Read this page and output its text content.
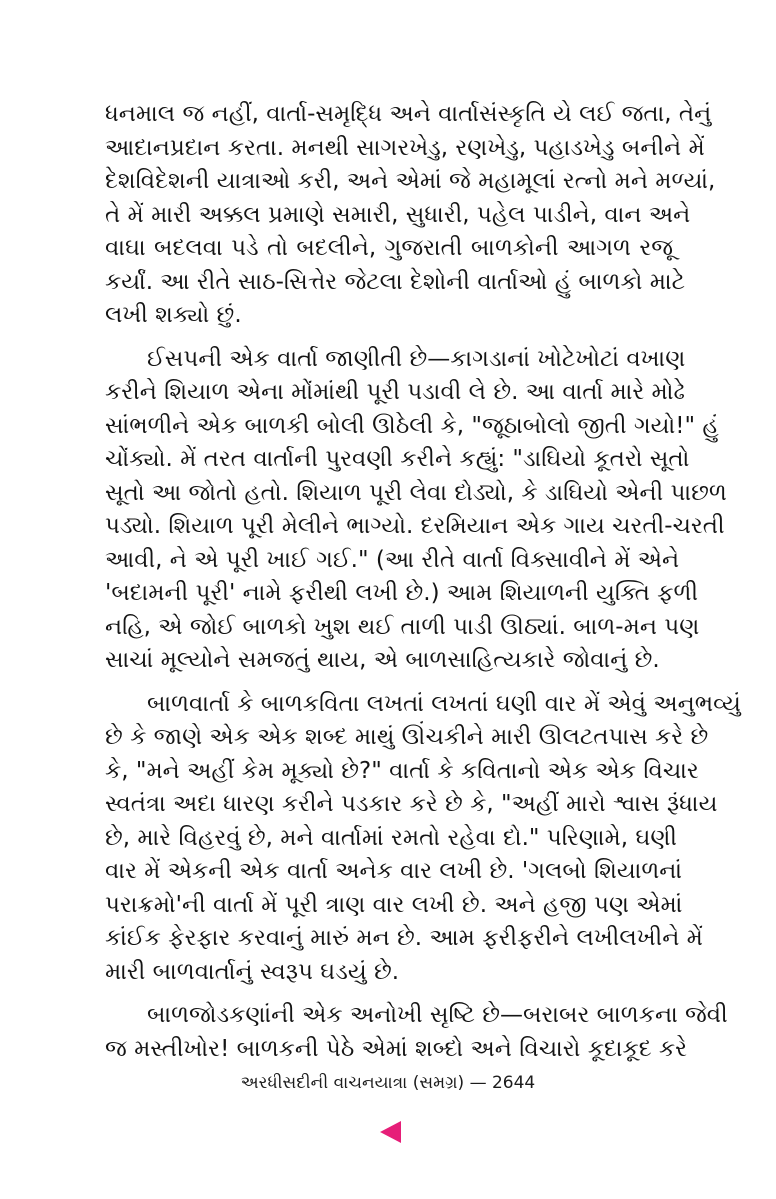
ધનમાલ જ નહીં, વાર્તા-સમૃદ્ધિ અને વાર્તાસંસ્કૃતિ યે લઈ જતા, તેનું
આદાનપ્રદાન કરતા. મનથી સાગરખેડુ, રણખેડુ, પહાડખેડુ બનીને મેં
દેશવિદેશની યાત્રાઓ કરી, અને એમાં જે મહામૂલાં રત્નો મને મળ્યાં,
તે મેં મારી અક્કલ પ્રમાણે સમારી, સુધારી, પહેલ પાડીને, વાન અને
વાઘા બદલવા પડે તો બદલીને, ગુજરાતી બાળકોની આગળ રજૂ
કર્યાં. આ રીતે સાઠ-સિત્તેર જેટલા દેશોની વાર્તાઓ હું બાળકો માટે
લખી શક્યો છું.

ઈસપની એક વાર્તા જાણીતી છે—કાગડાનાં ખોટેખોટાં વખાણ
કરીને શિયાળ એના મોંમાંથી પૂરી પડાવી લે છે. આ વાર્તા મારે મોઢે
સાંભળીને એક બાળકી બોલી ઊઠેલી કે, "જૂઠાબોલો જીતી ગયો!" હું
ચોંક્યો. મેં તરત વાર્તાની પુરવણી કરીને કહ્યું: "ડાઘિયો કૂતરો સૂતો
સૂતો આ જોતો હતો. શિયાળ પૂરી લેવા દોડ્યો, કે ડાઘિયો એની પાછળ
પડ્યો. શિયાળ પૂરી મેલીને ભાગ્યો. દરમિયાન એક ગાય ચરતી-ચરતી
આવી, ને એ પૂરી ખાઈ ગઈ." (આ રીતે વાર્તા વિક્સાવીને મેં એને
'બદામની પૂરી' નામે ફરીથી લખી છે.) આમ શિયાળની યુક્તિ ફળી
નહિ, એ જોઈ બાળકો ખુશ થઈ તાળી પાડી ઊઠ્યાં. બાળ-મન પણ
સાચાં મૂલ્યોને સમજતું થાય, એ બાળસાહિત્યકારે જોવાનું છે.

બાળવાર્તા કે બાળકવિતા લખતાં લખતાં ઘણી વાર મેં એવું અનુભવ્યું
છે કે જાણે એક એક શબ્દ માથું ઊંચકીને મારી ઊલટતપાસ કરે છે
કે, "મને અહીં કેમ મૂક્યો છે?" વાર્તા કે કવિતાનો એક એક વિચાર
સ્વતંત્રા અદા ધારણ કરીને પડકાર કરે છે કે, "અહીં મારો શ્વાસ રૂંધાય
છે, મારે વિહરવું છે, મને વાર્તામાં રમતો રહેવા દો." પરિણામે, ઘણી
વાર મેં એકની એક વાર્તા અનેક વાર લખી છે. 'ગલબો શિયાળનાં
પરાક્રમો'ની વાર્તા મેં પૂરી ત્રાણ વાર લખી છે. અને હજી પણ એમાં
કાંઈક ફેરફાર કરવાનું મારું મન છે. આમ ફરીફરીને લખીલખીને મેં
મારી બાળવાર્તાનું સ્વરૂપ ઘડયું છે.

બાળજોડકણાંની એક અનોખી સૃષ્ટિ છે—બરાબર બાળકના જેવી
જ મસ્તીખોર! બાળકની પેઠે એમાં શબ્દો અને વિચારો કૂદાકૂદ કરે

અરધીસદીની વાચનયાત્રા (સમગ્ર) — 2644
